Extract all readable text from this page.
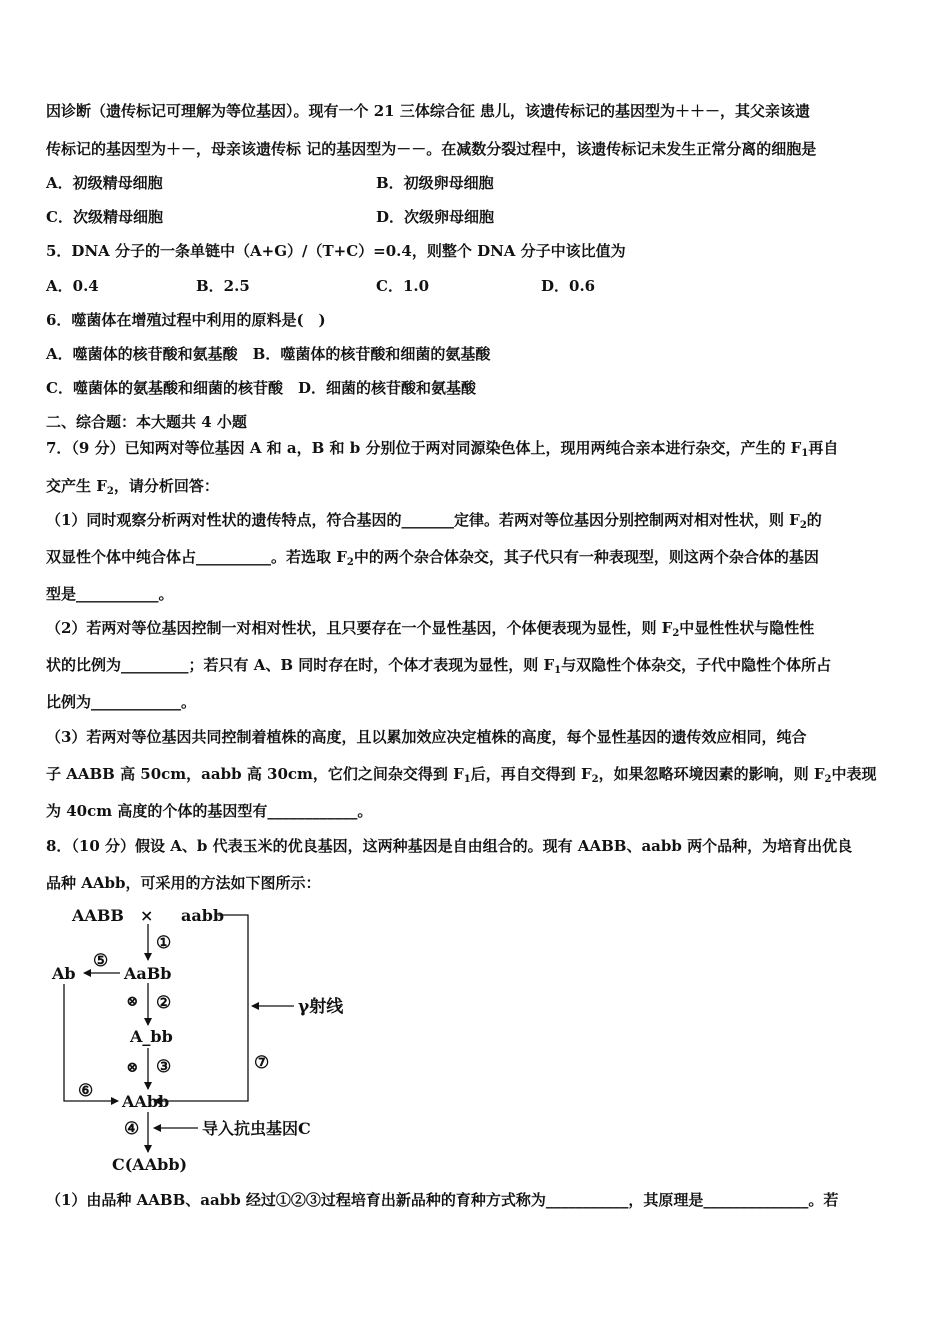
因诊断（遗传标记可理解为等位基因）。现有一个 21 三体综合征 患儿，该遗传标记的基因型为＋＋－，其父亲该遗
传标记的基因型为＋－，母亲该遗传标 记的基因型为－－。在减数分裂过程中，该遗传标记未发生正常分离的细胞是
A．初级精母细胞	B．初级卵母细胞
C．次级精母细胞	D．次级卵母细胞
5．DNA 分子的一条单链中（A+G）/（T+C）=0.4，则整个 DNA 分子中该比值为
A．0.4	B．2.5	C．1.0	D．0.6
6．噬菌体在增殖过程中利用的原料是(　)
A．噬菌体的核苷酸和氨基酸　B．噬菌体的核苷酸和细菌的氨基酸
C．噬菌体的氨基酸和细菌的核苷酸　D．细菌的核苷酸和氨基酸
二、综合题：本大题共 4 小题
7．（9 分）已知两对等位基因 A 和 a，B 和 b 分别位于两对同源染色体上，现用两纯合亲本进行杂交，产生的 $F_1$再自
交产生 $F_2$，请分析回答：
（1）同时观察分析两对性状的遗传特点，符合基因的_______定律。若两对等位基因分别控制两对相对性状，则 $F_2$的
双显性个体中纯合体占__________。若选取 $F_2$中的两个杂合体杂交，其子代只有一种表现型，则这两个杂合体的基因
型是___________。
（2）若两对等位基因控制一对相对性状，且只要存在一个显性基因，个体便表现为显性，则 $F_2$中显性性状与隐性性
状的比例为_________；若只有 A、B 同时存在时，个体才表现为显性，则 $F_1$与双隐性个体杂交，子代中隐性个体所占
比例为____________。
（3）若两对等位基因共同控制着植株的高度，且以累加效应决定植株的高度，每个显性基因的遗传效应相同，纯合
子 AABB 高 50cm，aabb 高 30cm，它们之间杂交得到 $F_1$后，再自交得到 $F_2$，如果忽略环境因素的影响，则 $F_2$中表现
为 40cm 高度的个体的基因型有____________。
8．（10 分）假设 A、b 代表玉米的优良基因，这两种基因是自由组合的。现有 AABB、aabb 两个品种，为培育出优良
品种 AAbb，可采用的方法如下图所示：
AABB × aabb
①
AaBb
⑤
Ab
⊗ ②	γ射线
A_bb
⊗ ③	⑦
⑥
AAbb
④	导入抗虫基因C
C(AAbb)
（1）由品种 AABB、aabb 经过①②③过程培育出新品种的育种方式称为___________，其原理是______________。若
